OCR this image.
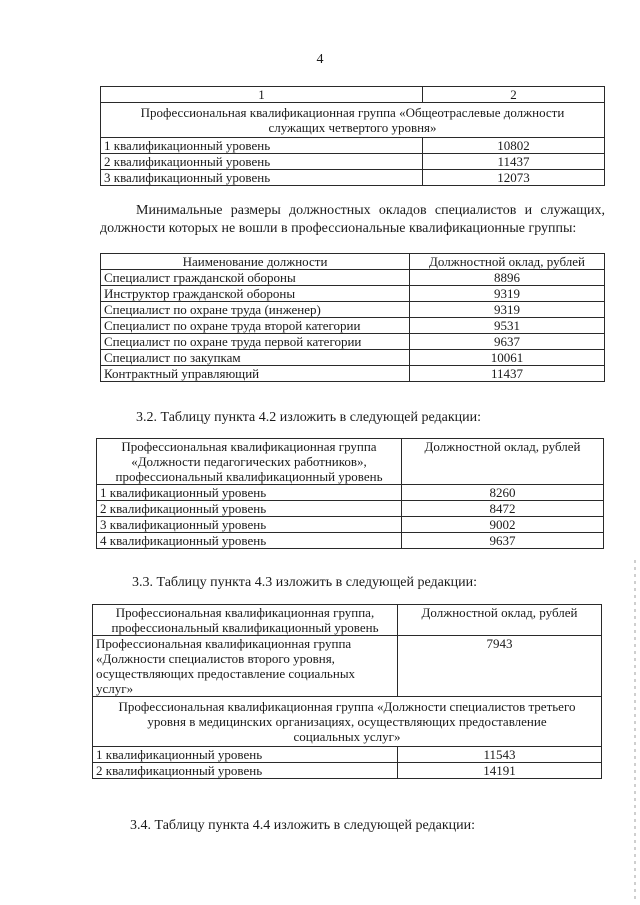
4
1	2
Профессиональная квалификационная группа «Общеотраслевые должности служащих четвертого уровня»	
1 квалификационный уровень	10802
2 квалификационный уровень	11437
3 квалификационный уровень	12073

Минимальные размеры должностных окладов специалистов и служащих, должности которых не вошли в профессиональные квалификационные группы:

Наименование должности	Должностной оклад, рублей
Специалист гражданской обороны	8896
Инструктор гражданской обороны	9319
Специалист по охране труда (инженер)	9319
Специалист по охране труда второй категории	9531
Специалист по охране труда первой категории	9637
Специалист по закупкам	10061
Контрактный управляющий	11437

3.2. Таблицу пункта 4.2 изложить в следующей редакции:

Профессиональная квалификационная группа «Должности педагогических работников», профессиональный квалификационный уровень	Должностной оклад, рублей
1 квалификационный уровень	8260
2 квалификационный уровень	8472
3 квалификационный уровень	9002
4 квалификационный уровень	9637

3.3. Таблицу пункта 4.3 изложить в следующей редакции:

Профессиональная квалификационная группа, профессиональный квалификационный уровень	Должностной оклад, рублей
Профессиональная квалификационная группа «Должности специалистов второго уровня, осуществляющих предоставление социальных услуг»	7943
Профессиональная квалификационная группа «Должности специалистов третьего уровня в медицинских организациях, осуществляющих предоставление социальных услуг»	
1 квалификационный уровень	11543
2 квалификационный уровень	14191

3.4. Таблицу пункта 4.4 изложить в следующей редакции:
